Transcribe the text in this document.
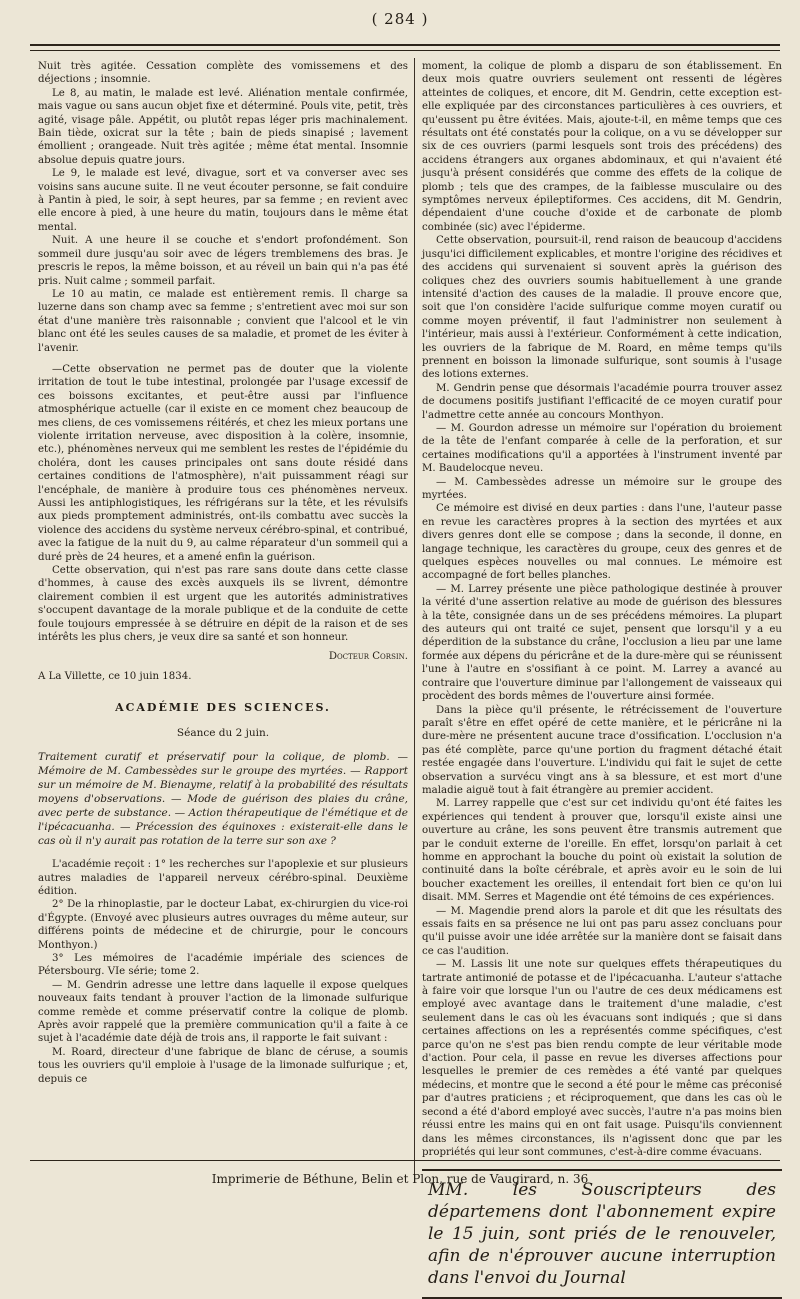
( 284 )

Nuit très agitée. Cessation complète des vomissemens et des déjections ; insomnie.

Le 8, au matin, le malade est levé. Aliénation mentale confirmée, mais vague ou sans aucun objet fixe et déterminé. Pouls vite, petit, très agité, visage pâle. Appétit, ou plutôt repas léger pris machinalement. Bain tiède, oxicrat sur la tête ; bain de pieds sinapisé ; lavement émollient ; orangeade. Nuit très agitée ; même état mental. Insomnie absolue depuis quatre jours.

Le 9, le malade est levé, divague, sort et va converser avec ses voisins sans aucune suite. Il ne veut écouter personne, se fait conduire à Pantin à pied, le soir, à sept heures, par sa femme ; en revient avec elle encore à pied, à une heure du matin, toujours dans le même état mental.

Nuit. A une heure il se couche et s'endort profondément. Son sommeil dure jusqu'au soir avec de légers tremblemens des bras. Je prescris le repos, la même boisson, et au réveil un bain qui n'a pas été pris. Nuit calme ; sommeil parfait.

Le 10 au matin, ce malade est entièrement remis. Il charge sa luzerne dans son champ avec sa femme ; s'entretient avec moi sur son état d'une manière très raisonnable ; convient que l'alcool et le vin blanc ont été les seules causes de sa maladie, et promet de les éviter à l'avenir.

—Cette observation ne permet pas de douter que la violente irritation de tout le tube intestinal, prolongée par l'usage excessif de ces boissons excitantes, et peut-être aussi par l'influence atmosphérique actuelle (car il existe en ce moment chez beaucoup de mes cliens, de ces vomissemens réitérés, et chez les mieux portans une violente irritation nerveuse, avec disposition à la colère, insomnie, etc.), phénomènes nerveux qui me semblent les restes de l'épidémie du choléra, dont les causes principales ont sans doute résidé dans certaines conditions de l'atmosphère), n'ait puissamment réagi sur l'encéphale, de manière à produire tous ces phénomènes nerveux. Aussi les antiphlogistiques, les réfrigérans sur la tête, et les révulsifs aux pieds promptement administrés, ont-ils combattu avec succès la violence des accidens du système nerveux cérébro-spinal, et contribué, avec la fatigue de la nuit du 9, au calme réparateur d'un sommeil qui a duré près de 24 heures, et a amené enfin la guérison.

Cette observation, qui n'est pas rare sans doute dans cette classe d'hommes, à cause des excès auxquels ils se livrent, démontre clairement combien il est urgent que les autorités administratives s'occupent davantage de la morale publique et de la conduite de cette foule toujours empressée à se détruire en dépit de la raison et de ses intérêts les plus chers, je veux dire sa santé et son honneur.

Docteur Corsin.
A La Villette, ce 10 juin 1834.
ACADÉMIE DES SCIENCES.
Séance du 2 juin.
Traitement curatif et préservatif pour la colique, de plomb. — Mémoire de M. Cambessèdes sur le groupe des myrtées. — Rapport sur un mémoire de M. Bienayme, relatif à la probabilité des résultats moyens d'observations. — Mode de guérison des plaies du crâne, avec perte de substance. — Action thérapeutique de l'émétique et de l'ipécacuanha. — Précession des équinoxes : existerait-elle dans le cas où il n'y aurait pas rotation de la terre sur son axe ?

L'académie reçoit : 1° les recherches sur l'apoplexie et sur plusieurs autres maladies de l'appareil nerveux cérébro-spinal. Deuxième édition.

2° De la rhinoplastie, par le docteur Labat, ex-chirurgien du vice-roi d'Égypte. (Envoyé avec plusieurs autres ouvrages du même auteur, sur différens points de médecine et de chirurgie, pour le concours Monthyon.)

3° Les mémoires de l'académie impériale des sciences de Pétersbourg. VIe série; tome 2.

— M. Gendrin adresse une lettre dans laquelle il expose quelques nouveaux faits tendant à prouver l'action de la limonade sulfurique comme remède et comme préservatif contre la colique de plomb. Après avoir rappelé que la première communication qu'il a faite à ce sujet à l'académie date déjà de trois ans, il rapporte le fait suivant :

M. Roard, directeur d'une fabrique de blanc de céruse, a soumis tous les ouvriers qu'il emploie à l'usage de la limonade sulfurique ; et, depuis ce

moment, la colique de plomb a disparu de son établissement. En deux mois quatre ouvriers seulement ont ressenti de légères atteintes de coliques, et encore, dit M. Gendrin, cette exception est-elle expliquée par des circonstances particulières à ces ouvriers, et qu'eussent pu être évitées. Mais, ajoute-t-il, en même temps que ces résultats ont été constatés pour la colique, on a vu se développer sur six de ces ouvriers (parmi lesquels sont trois des précédens) des accidens étrangers aux organes abdominaux, et qui n'avaient été jusqu'à présent considérés que comme des effets de la colique de plomb ; tels que des crampes, de la faiblesse musculaire ou des symptômes nerveux épileptiformes. Ces accidens, dit M. Gendrin, dépendaient d'une couche d'oxide et de carbonate de plomb combinée (sic) avec l'épiderme.

Cette observation, poursuit-il, rend raison de beaucoup d'accidens jusqu'ici difficilement explicables, et montre l'origine des récidives et des accidens qui survenaient si souvent après la guérison des coliques chez des ouvriers soumis habituellement à une grande intensité d'action des causes de la maladie. Il prouve encore que, soit que l'on considère l'acide sulfurique comme moyen curatif ou comme moyen préventif, il faut l'administrer non seulement à l'intérieur, mais aussi à l'extérieur. Conformément à cette indication, les ouvriers de la fabrique de M. Roard, en même temps qu'ils prennent en boisson la limonade sulfurique, sont soumis à l'usage des lotions externes.

M. Gendrin pense que désormais l'académie pourra trouver assez de documens positifs justifiant l'efficacité de ce moyen curatif pour l'admettre cette année au concours Monthyon.

— M. Gourdon adresse un mémoire sur l'opération du broiement de la tête de l'enfant comparée à celle de la perforation, et sur certaines modifications qu'il a apportées à l'instrument inventé par M. Baudelocque neveu.

— M. Cambessèdes adresse un mémoire sur le groupe des myrtées.

Ce mémoire est divisé en deux parties : dans l'une, l'auteur passe en revue les caractères propres à la section des myrtées et aux divers genres dont elle se compose ; dans la seconde, il donne, en langage technique, les caractères du groupe, ceux des genres et de quelques espèces nouvelles ou mal connues. Le mémoire est accompagné de fort belles planches.

— M. Larrey présente une pièce pathologique destinée à prouver la vérité d'une assertion relative au mode de guérison des blessures à la tête, consignée dans un de ses précédens mémoires. La plupart des auteurs qui ont traité ce sujet, pensent que lorsqu'il y a eu déperdition de la substance du crâne, l'occlusion a lieu par une lame formée aux dépens du péricrâne et de la dure-mère qui se réunissent l'une à l'autre en s'ossifiant à ce point. M. Larrey a avancé au contraire que l'ouverture diminue par l'allongement de vaisseaux qui procèdent des bords mêmes de l'ouverture ainsi formée.

Dans la pièce qu'il présente, le rétrécissement de l'ouverture paraît s'être en effet opéré de cette manière, et le péricrâne ni la dure-mère ne présentent aucune trace d'ossification. L'occlusion n'a pas été complète, parce qu'une portion du fragment détaché était restée engagée dans l'ouverture. L'individu qui fait le sujet de cette observation a survécu vingt ans à sa blessure, et est mort d'une maladie aiguë tout à fait étrangère au premier accident.

M. Larrey rappelle que c'est sur cet individu qu'ont été faites les expériences qui tendent à prouver que, lorsqu'il existe ainsi une ouverture au crâne, les sons peuvent être transmis autrement que par le conduit externe de l'oreille. En effet, lorsqu'on parlait à cet homme en approchant la bouche du point où existait la solution de continuité dans la boîte cérébrale, et après avoir eu le soin de lui boucher exactement les oreilles, il entendait fort bien ce qu'on lui disait. MM. Serres et Magendie ont été témoins de ces expériences.

— M. Magendie prend alors la parole et dit que les résultats des essais faits en sa présence ne lui ont pas paru assez concluans pour qu'il puisse avoir une idée arrêtée sur la manière dont se faisait dans ce cas l'audition.

— M. Lassis lit une note sur quelques effets thérapeutiques du tartrate antimonié de potasse et de l'ipécacuanha. L'auteur s'attache à faire voir que lorsque l'un ou l'autre de ces deux médicamens est employé avec avantage dans le traitement d'une maladie, c'est seulement dans le cas où les évacuans sont indiqués ; que si dans certaines affections on les a représentés comme spécifiques, c'est parce qu'on ne s'est pas bien rendu compte de leur véritable mode d'action. Pour cela, il passe en revue les diverses affections pour lesquelles le premier de ces remèdes a été vanté par quelques médecins, et montre que le second a été pour le même cas préconisé par d'autres praticiens ; et réciproquement, que dans les cas où le second a été d'abord employé avec succès, l'autre n'a pas moins bien réussi entre les mains qui en ont fait usage. Puisqu'ils conviennent dans les mêmes circonstances, ils n'agissent donc que par les propriétés qui leur sont communes, c'est-à-dire comme évacuans.

MM. les Souscripteurs des départemens dont l'abonnement expire le 15 juin, sont priés de le renouveler, afin de n'éprouver aucune interruption dans l'envoi du Journal
Imprimerie de Béthune, Belin et Plon, rue de Vaugirard, n. 36
